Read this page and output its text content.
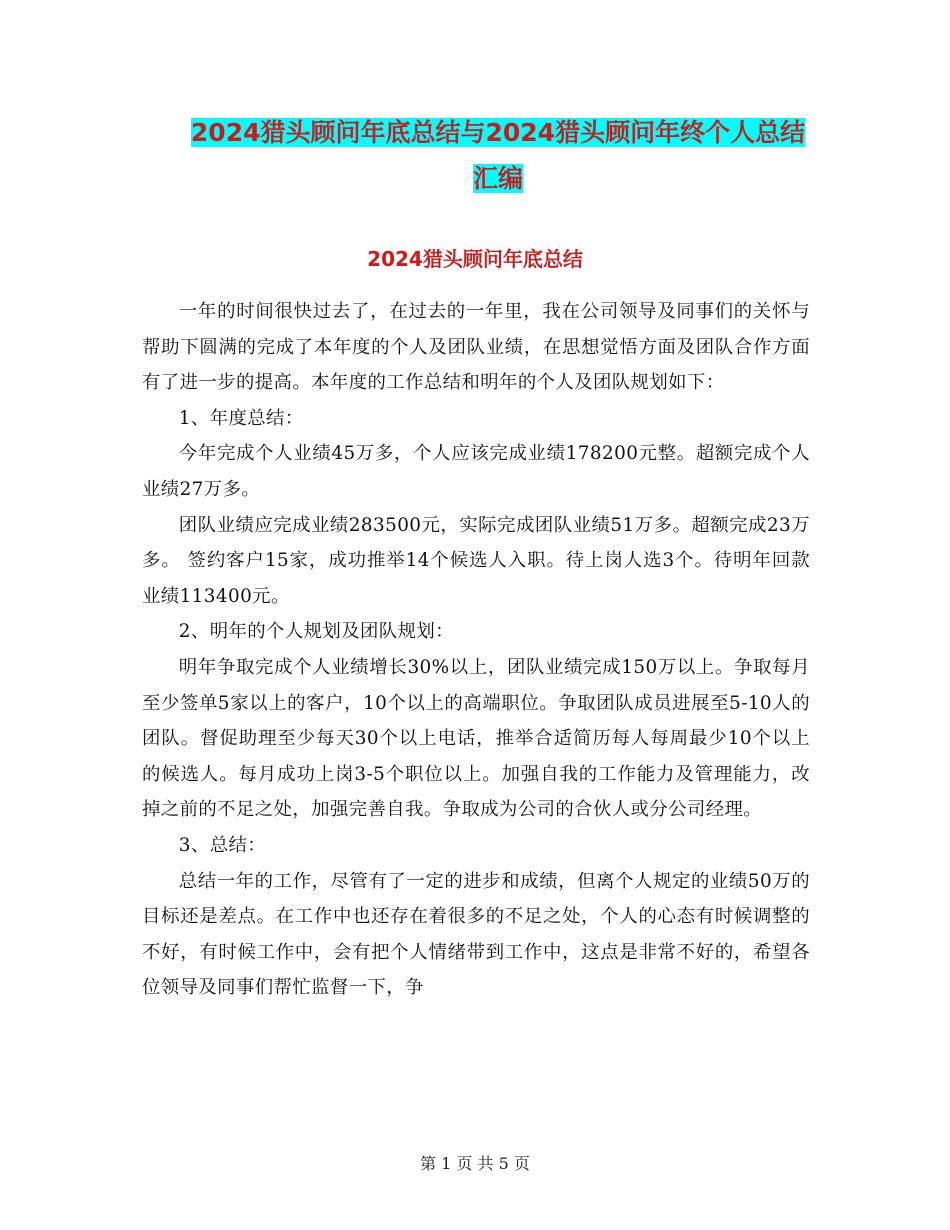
2024猎头顾问年底总结与2024猎头顾问年终个人总结
汇编
2024猎头顾问年底总结

一年的时间很快过去了，在过去的一年里，我在公司领导及同事们的关怀与帮助下圆满的完成了本年度的个人及团队业绩，在思想觉悟方面及团队合作方面有了进一步的提高。本年度的工作总结和明年的个人及团队规划如下：

1、年度总结：

今年完成个人业绩45万多，个人应该完成业绩178200元整。超额完成个人业绩27万多。

团队业绩应完成业绩283500元，实际完成团队业绩51万多。超额完成23万多。 签约客户15家，成功推举14个候选人入职。待上岗人选3个。待明年回款业绩113400元。

2、明年的个人规划及团队规划：

明年争取完成个人业绩增长30%以上，团队业绩完成150万以上。争取每月至少签单5家以上的客户，10个以上的高端职位。争取团队成员进展至5-10人的团队。督促助理至少每天30个以上电话，推举合适简历每人每周最少10个以上的候选人。每月成功上岗3-5个职位以上。加强自我的工作能力及管理能力，改掉之前的不足之处，加强完善自我。争取成为公司的合伙人或分公司经理。

3、总结：

总结一年的工作，尽管有了一定的进步和成绩，但离个人规定的业绩50万的目标还是差点。在工作中也还存在着很多的不足之处，个人的心态有时候调整的不好，有时候工作中，会有把个人情绪带到工作中，这点是非常不好的，希望各位领导及同事们帮忙监督一下，争

第 1 页 共 5 页
